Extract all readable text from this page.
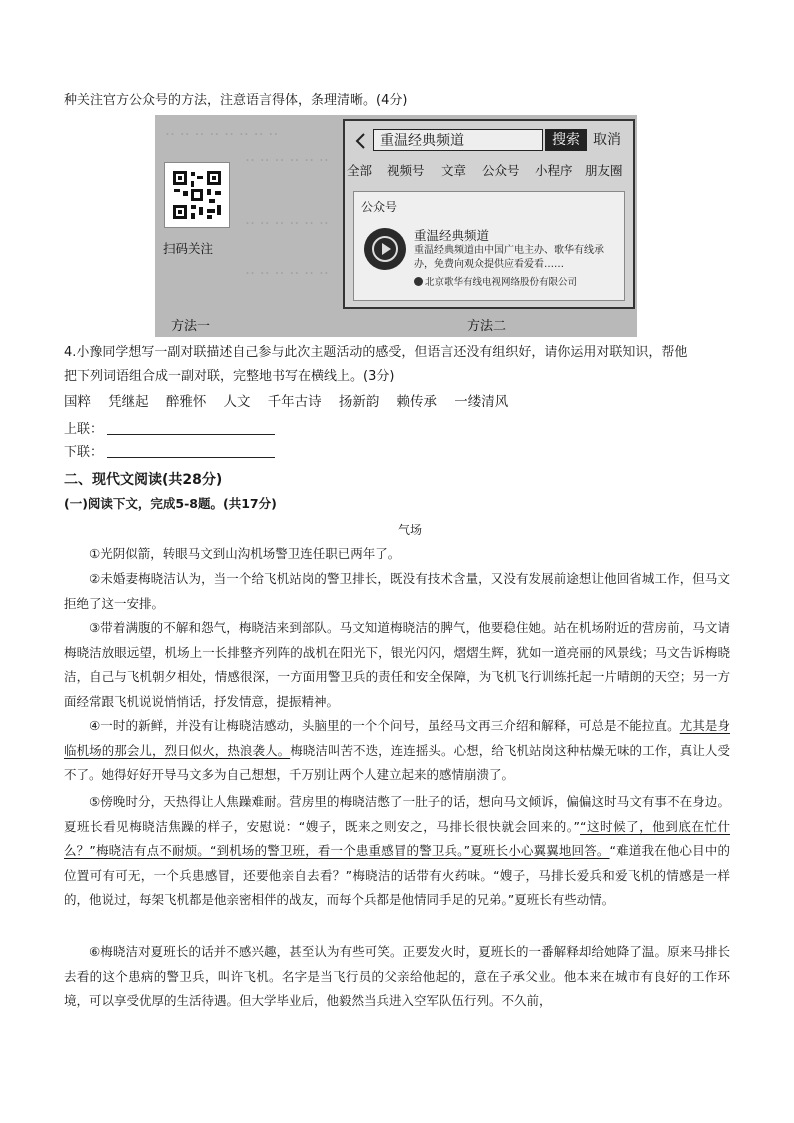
种关注官方公众号的方法，注意语言得体，条理清晰。(4分)
‥ ‥ ‥ ‥ ‥ ‥ ‥ ‥
‥ ‥ ‥ ‥ ‥ ‥
‥ ‥ ‥ ‥ ‥ ‥
‥ ‥ ‥ ‥ ‥ ‥
扫码关注
方法一	方法二
重温经典频道	搜索 取消
全部 视频号 文章 公众号 小程序 朋友圈
公众号
重温经典频道
重温经典频道由中国广电主办、歌华有线承办，免费向观众提供应看爱看……
北京歌华有线电视网络股份有限公司
4.小豫同学想写一副对联描述自己参与此次主题活动的感受，但语言还没有组织好，请你运用对联知识，帮他
把下列词语组合成一副对联，完整地书写在横线上。(3分)
国粹 凭继起 醉雅怀 人文 千年古诗 扬新韵 赖传承 一缕清风
上联：
下联：
二、现代文阅读(共28分)
(一)阅读下文，完成5-8题。(共17分)
气场
①光阴似箭，转眼马文到山沟机场警卫连任职已两年了。
②未婚妻梅晓洁认为，当一个给飞机站岗的警卫排长，既没有技术含量，又没有发展前途想让他回省城工作，但马文拒绝了这一安排。
③带着满腹的不解和怨气，梅晓洁来到部队。马文知道梅晓洁的脾气，他要稳住她。站在机场附近的营房前，马文请梅晓洁放眼远望，机场上一长排整齐列阵的战机在阳光下，银光闪闪，熠熠生辉，犹如一道亮丽的风景线；马文告诉梅晓洁，自己与飞机朝夕相处，情感很深，一方面用警卫兵的责任和安全保障，为飞机飞行训练托起一片晴朗的天空；另一方面经常跟飞机说说悄悄话，抒发情意，提振精神。
④一时的新鲜，并没有让梅晓洁感动，头脑里的一个个问号，虽经马文再三介绍和解释，可总是不能拉直。尤其是身临机场的那会儿，烈日似火，热浪袭人。梅晓洁叫苦不迭，连连摇头。心想，给飞机站岗这种枯燥无味的工作，真让人受不了。她得好好开导马文多为自己想想，千万别让两个人建立起来的感情崩溃了。
⑤傍晚时分，天热得让人焦躁难耐。营房里的梅晓洁憋了一肚子的话，想向马文倾诉，偏偏这时马文有事不在身边。夏班长看见梅晓洁焦躁的样子，安慰说：“嫂子，既来之则安之，马排长很快就会回来的。”“这时候了，他到底在忙什么？”梅晓洁有点不耐烦。“到机场的警卫班，看一个患重感冒的警卫兵。”夏班长小心翼翼地回答。“难道我在他心目中的位置可有可无，一个兵患感冒，还要他亲自去看？”梅晓洁的话带有火药味。“嫂子，马排长爱兵和爱飞机的情感是一样的，他说过，每架飞机都是他亲密相伴的战友，而每个兵都是他情同手足的兄弟。”夏班长有些动情。
⑥梅晓洁对夏班长的话并不感兴趣，甚至认为有些可笑。正要发火时，夏班长的一番解释却给她降了温。原来马排长去看的这个患病的警卫兵，叫许飞机。名字是当飞行员的父亲给他起的，意在子承父业。他本来在城市有良好的工作环境，可以享受优厚的生活待遇。但大学毕业后，他毅然当兵进入空军队伍行列。不久前，
